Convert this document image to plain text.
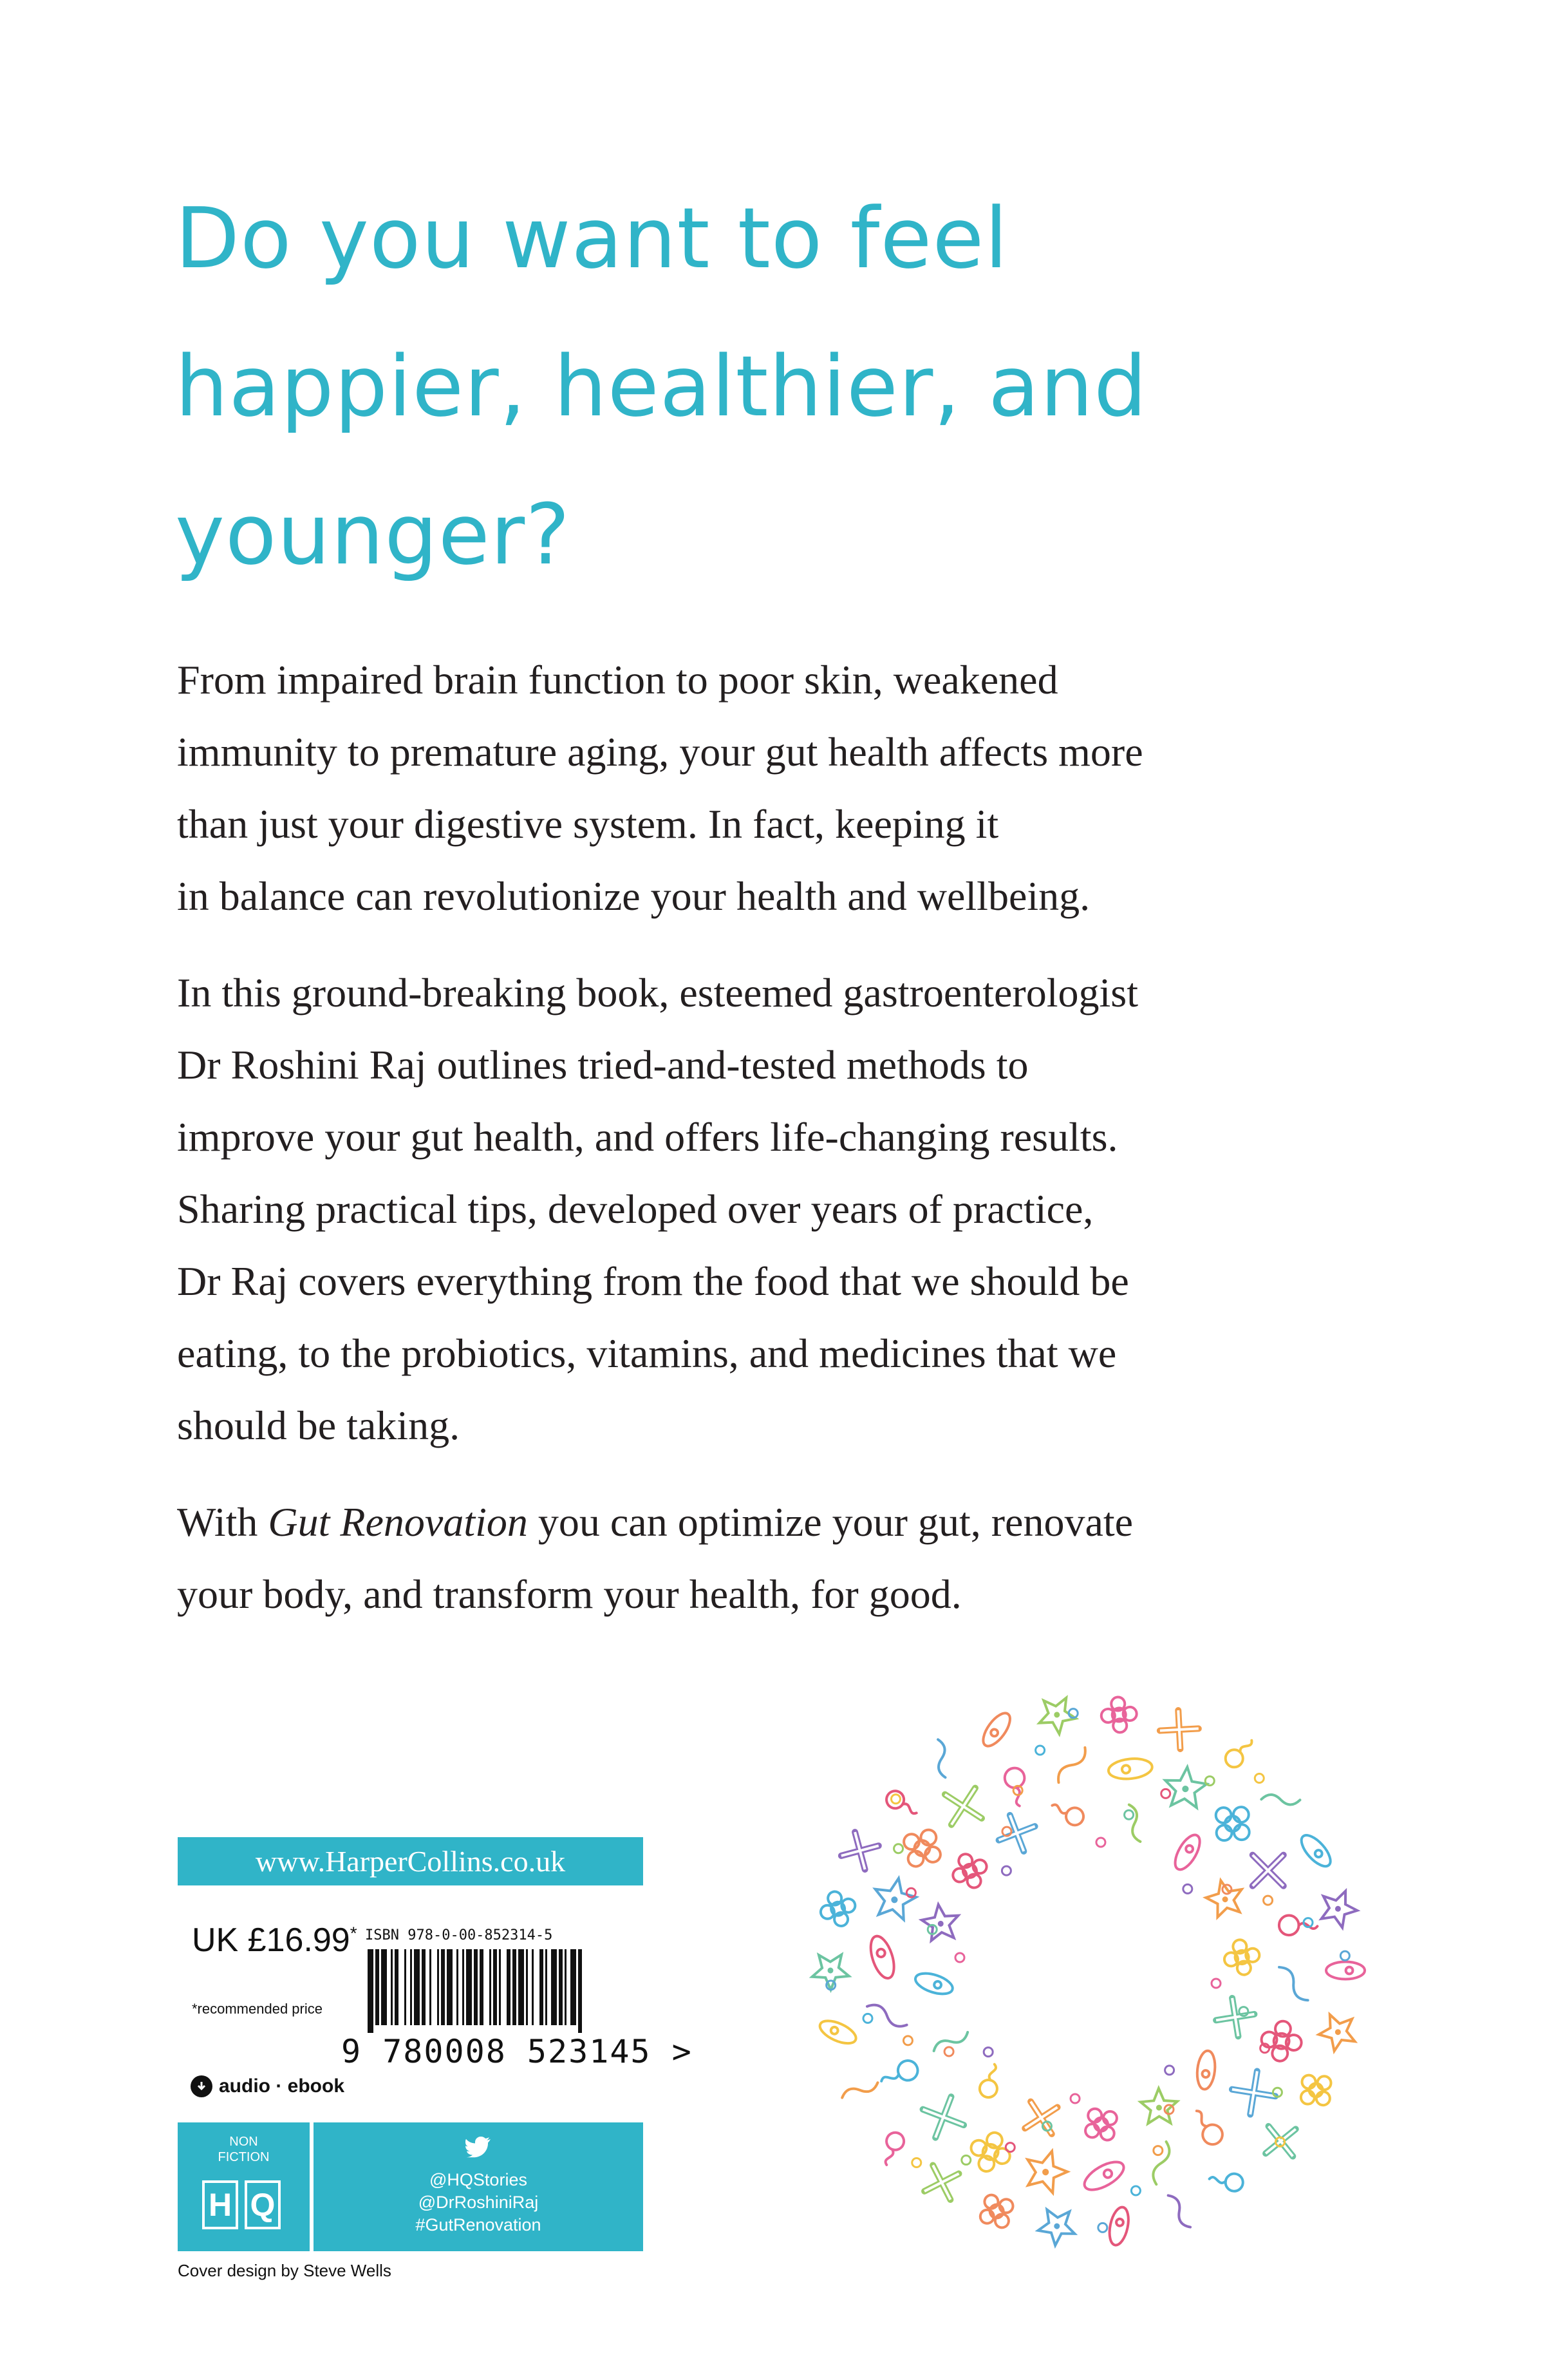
Do you want to feel
happier, healthier, and
younger?

From impaired brain function to poor skin, weakened
immunity to premature aging, your gut health affects more
than just your digestive system. In fact, keeping it
in balance can revolutionize your health and wellbeing.

In this ground-breaking book, esteemed gastroenterologist
Dr Roshini Raj outlines tried-and-tested methods to
improve your gut health, and offers life-changing results.
Sharing practical tips, developed over years of practice,
Dr Raj covers everything from the food that we should be
eating, to the probiotics, vitamins, and medicines that we
should be taking.

With Gut Renovation you can optimize your gut, renovate
your body, and transform your health, for good.

www.HarperCollins.co.uk
UK £16.99*
*recommended price
ISBN 978-0-00-852314-5
9 780008 523145 >
audio · ebook
NON
FICTION
H Q
@HQStories
@DrRoshiniRaj
#GutRenovation
Cover design by Steve Wells
